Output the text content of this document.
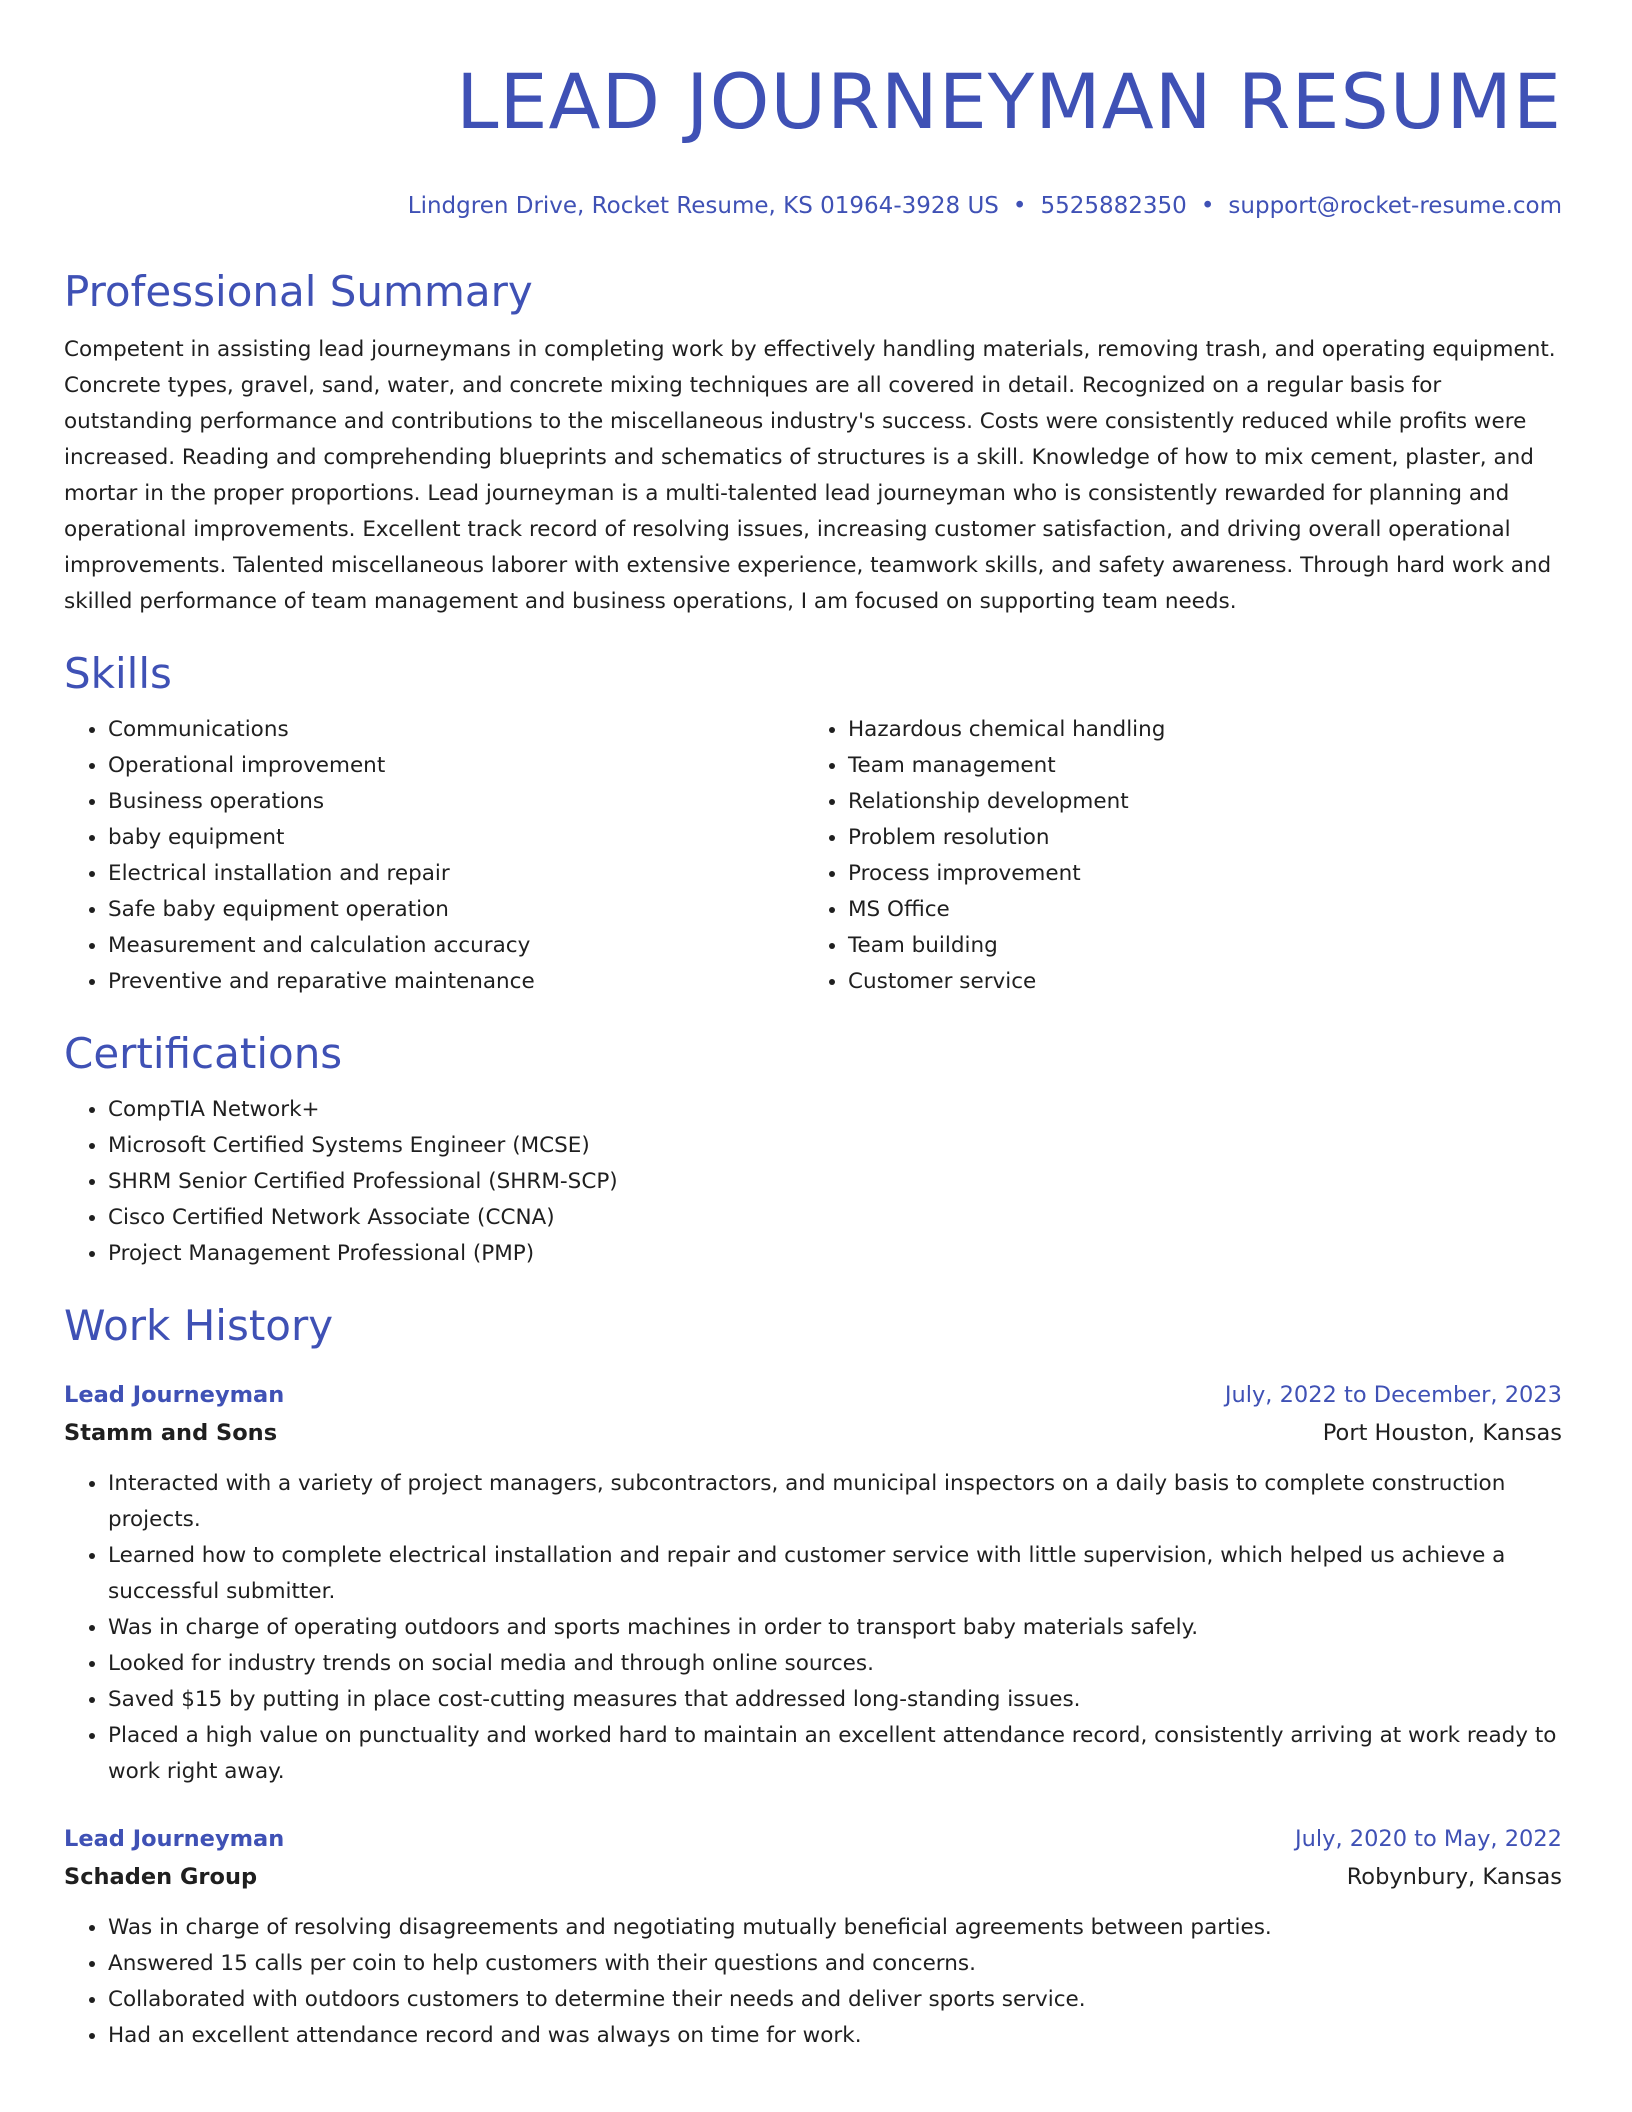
LEAD JOURNEYMAN RESUME
Lindgren Drive, Rocket Resume, KS 01964-3928 US • 5525882350 • support@rocket-resume.com
Professional Summary

Competent in assisting lead journeymans in completing work by effectively handling materials, removing trash, and operating equipment. Concrete types, gravel, sand, water, and concrete mixing techniques are all covered in detail. Recognized on a regular basis for outstanding performance and contributions to the miscellaneous industry's success. Costs were consistently reduced while profits were increased. Reading and comprehending blueprints and schematics of structures is a skill. Knowledge of how to mix cement, plaster, and mortar in the proper proportions. Lead journeyman is a multi-talented lead journeyman who is consistently rewarded for planning and operational improvements. Excellent track record of resolving issues, increasing customer satisfaction, and driving overall operational improvements. Talented miscellaneous laborer with extensive experience, teamwork skills, and safety awareness. Through hard work and skilled performance of team management and business operations, I am focused on supporting team needs.

Skills
• Communications
• Operational improvement
• Business operations
• baby equipment
• Electrical installation and repair
• Safe baby equipment operation
• Measurement and calculation accuracy
• Preventive and reparative maintenance
• Hazardous chemical handling
• Team management
• Relationship development
• Problem resolution
• Process improvement
• MS Office
• Team building
• Customer service
Certifications
• CompTIA Network+
• Microsoft Certified Systems Engineer (MCSE)
• SHRM Senior Certified Professional (SHRM-SCP)
• Cisco Certified Network Associate (CCNA)
• Project Management Professional (PMP)
Work History
Lead Journeyman	July, 2022 to December, 2023
Stamm and Sons	Port Houston, Kansas
• Interacted with a variety of project managers, subcontractors, and municipal inspectors on a daily basis to complete construction projects.
• Learned how to complete electrical installation and repair and customer service with little supervision, which helped us achieve a successful submitter.
• Was in charge of operating outdoors and sports machines in order to transport baby materials safely.
• Looked for industry trends on social media and through online sources.
• Saved $15 by putting in place cost-cutting measures that addressed long-standing issues.
• Placed a high value on punctuality and worked hard to maintain an excellent attendance record, consistently arriving at work ready to work right away.
Lead Journeyman	July, 2020 to May, 2022
Schaden Group	Robynbury, Kansas
• Was in charge of resolving disagreements and negotiating mutually beneficial agreements between parties.
• Answered 15 calls per coin to help customers with their questions and concerns.
• Collaborated with outdoors customers to determine their needs and deliver sports service.
• Had an excellent attendance record and was always on time for work.
